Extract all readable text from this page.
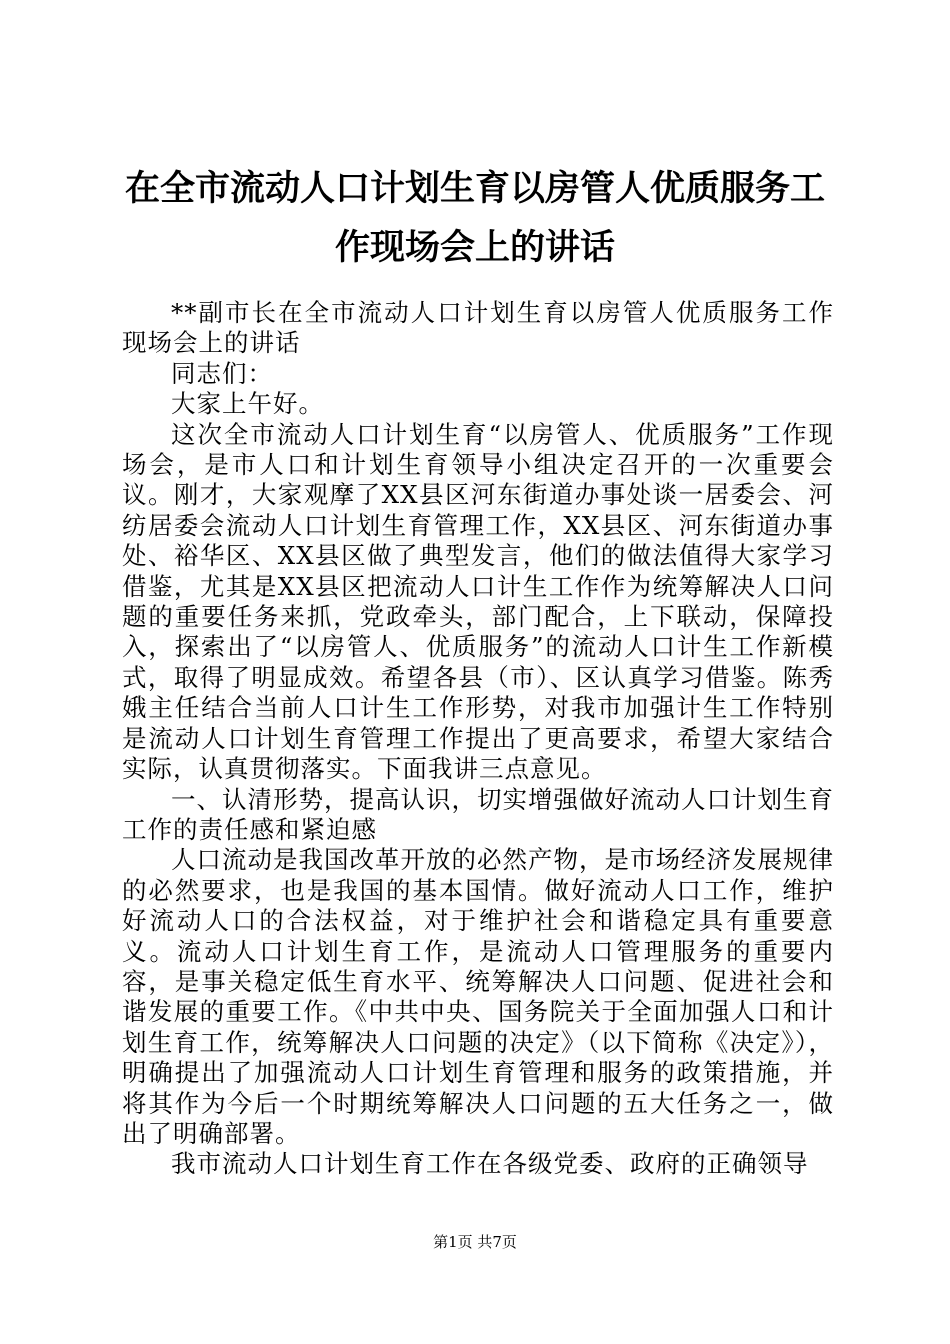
在全市流动人口计划生育以房管人优质服务工作现场会上的讲话

**副市长在全市流动人口计划生育以房管人优质服务工作现场会上的讲话

同志们：

大家上午好。

这次全市流动人口计划生育“以房管人、优质服务”工作现场会，是市人口和计划生育领导小组决定召开的一次重要会议。刚才，大家观摩了XX县区河东街道办事处谈一居委会、河纺居委会流动人口计划生育管理工作，XX县区、河东街道办事处、裕华区、XX县区做了典型发言，他们的做法值得大家学习借鉴，尤其是XX县区把流动人口计生工作作为统筹解决人口问题的重要任务来抓，党政牵头，部门配合，上下联动，保障投入，探索出了“以房管人、优质服务”的流动人口计生工作新模式，取得了明显成效。希望各县（市）、区认真学习借鉴。陈秀娥主任结合当前人口计生工作形势，对我市加强计生工作特别是流动人口计划生育管理工作提出了更高要求，希望大家结合实际，认真贯彻落实。下面我讲三点意见。

一、认清形势，提高认识，切实增强做好流动人口计划生育工作的责任感和紧迫感

人口流动是我国改革开放的必然产物，是市场经济发展规律的必然要求，也是我国的基本国情。做好流动人口工作，维护好流动人口的合法权益，对于维护社会和谐稳定具有重要意义。流动人口计划生育工作，是流动人口管理服务的重要内容，是事关稳定低生育水平、统筹解决人口问题、促进社会和谐发展的重要工作。《中共中央、国务院关于全面加强人口和计划生育工作，统筹解决人口问题的决定》（以下简称《决定》），明确提出了加强流动人口计划生育管理和服务的政策措施，并将其作为今后一个时期统筹解决人口问题的五大任务之一，做出了明确部署。

我市流动人口计划生育工作在各级党委、政府的正确领导

第1页 共7页
